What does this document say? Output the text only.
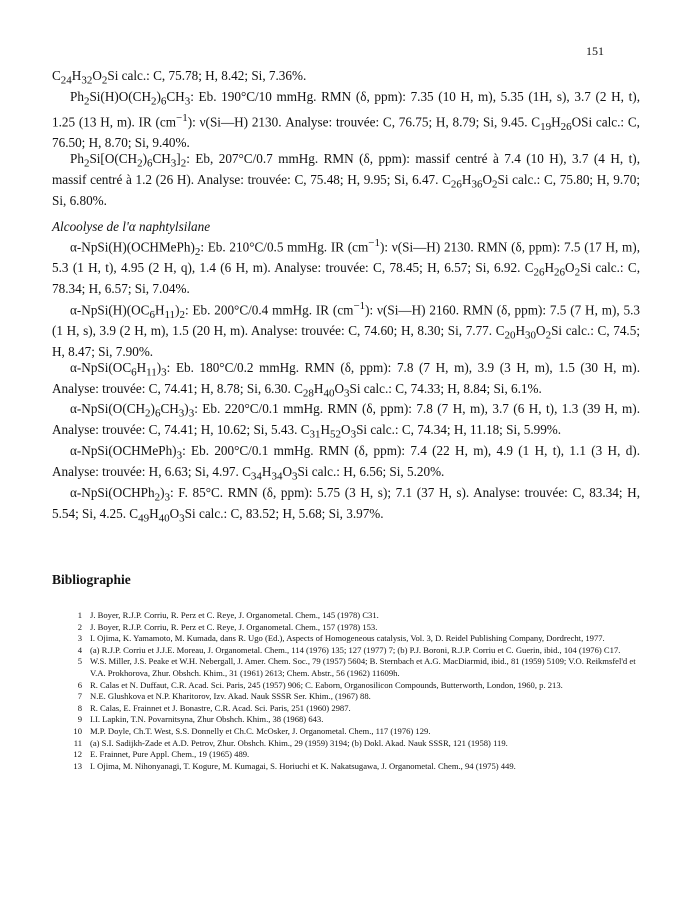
151

$C_{24}H_{32}O_2Si$ calc.: C, 75.78; H, 8.42; Si, 7.36%.

$Ph_2Si(H)O(CH_2)_6CH_3$: Eb. 190°C/10 mmHg. RMN (δ, ppm): 7.35 (10 H, m), 5.35 (1H, s), 3.7 (2 H, t), 1.25 (13 H, m). IR $(cm^{-1})$: ν(Si—H) 2130. Analyse: trouvée: C, 76.75; H, 8.79; Si, 9.45. $C_{19}H_{26}OSi$ calc.: C, 76.50; H, 8.70; Si, 9.40%.

$Ph_2Si[O(CH_2)_6CH_3]_2$: Eb, 207°C/0.7 mmHg. RMN (δ, ppm): massif centré à 7.4 (10 H), 3.7 (4 H, t), massif centré à 1.2 (26 H). Analyse: trouvée: C, 75.48; H, 9.95; Si, 6.47. $C_{26}H_{36}O_2Si$ calc.: C, 75.80; H, 9.70; Si, 6.80%.

Alcoolyse de l'α naphtylsilane

$\alpha-NpSi(H)(OCHMePh)_2$: Eb. 210°C/0.5 mmHg. IR $(cm^{-1})$: ν(Si—H) 2130. RMN (δ, ppm): 7.5 (17 H, m), 5.3 (1 H, t), 4.95 (2 H, q), 1.4 (6 H, m). Analyse: trouvée: C, 78.45; H, 6.57; Si, 6.92. $C_{26}H_{26}O_2Si$ calc.: C, 78.34; H, 6.57; Si, 7.04%.

$\alpha-NpSi(H)(OC_6H_{11})_2$: Eb. 200°C/0.4 mmHg. IR $(cm^{-1})$: ν(Si—H) 2160. RMN (δ, ppm): 7.5 (7 H, m), 5.3 (1 H, s), 3.9 (2 H, m), 1.5 (20 H, m). Analyse: trouvée: C, 74.60; H, 8.30; Si, 7.77. $C_{20}H_{30}O_2Si$ calc.: C, 74.5; H, 8.47; Si, 7.90%.

$\alpha-NpSi(OC_6H_{11})_3$: Eb. 180°C/0.2 mmHg. RMN (δ, ppm): 7.8 (7 H, m), 3.9 (3 H, m), 1.5 (30 H, m). Analyse: trouvée: C, 74.41; H, 8.78; Si, 6.30. $C_{28}H_{40}O_3Si$ calc.: C, 74.33; H, 8.84; Si, 6.1%.

$\alpha-NpSi(O(CH_2)_6CH_3)_3$: Eb. 220°C/0.1 mmHg. RMN (δ, ppm): 7.8 (7 H, m), 3.7 (6 H, t), 1.3 (39 H, m). Analyse: trouvée: C, 74.41; H, 10.62; Si, 5.43. $C_{31}H_{52}O_3Si$ calc.: C, 74.34; H, 11.18; Si, 5.99%.

$\alpha-NpSi(OCHMePh)_3$: Eb. 200°C/0.1 mmHg. RMN (δ, ppm): 7.4 (22 H, m), 4.9 (1 H, t), 1.1 (3 H, d). Analyse: trouvée: H, 6.63; Si, 4.97. $C_{34}H_{34}O_3Si$ calc.: H, 6.56; Si, 5.20%.

$\alpha-NpSi(OCHPh_2)_3$: F. 85°C. RMN (δ, ppm): 5.75 (3 H, s); 7.1 (37 H, s). Analyse: trouvée: C, 83.34; H, 5.54; Si, 4.25. $C_{49}H_{40}O_3Si$ calc.: C, 83.52; H, 5.68; Si, 3.97%.

Bibliographie
1 J. Boyer, R.J.P. Corriu, R. Perz et C. Reye, J. Organometal. Chem., 145 (1978) C31.
2 J. Boyer, R.J.P. Corriu, R. Perz et C. Reye, J. Organometal. Chem., 157 (1978) 153.
3 I. Ojima, K. Yamamoto, M. Kumada, dans R. Ugo (Ed.), Aspects of Homogeneous catalysis, Vol. 3, D. Reidel Publishing Company, Dordrecht, 1977.
4 (a) R.J.P. Corriu et J.J.E. Moreau, J. Organometal. Chem., 114 (1976) 135; 127 (1977) 7; (b) P.J. Boroni, R.J.P. Corriu et C. Guerin, ibid., 104 (1976) C17.
5 W.S. Miller, J.S. Peake et W.H. Nebergall, J. Amer. Chem. Soc., 79 (1957) 5604; B. Sternbach et A.G. MacDiarmid, ibid., 81 (1959) 5109; V.O. Reikmsfel'd et V.A. Prokhorova, Zhur. Obshch. Khim., 31 (1961) 2613; Chem. Abstr., 56 (1962) 11609h.
6 R. Calas et N. Duffaut, C.R. Acad. Sci. Paris, 245 (1957) 906; C. Eaborn, Organosilicon Compounds, Butterworth, London, 1960, p. 213.
7 N.E. Glushkova et N.P. Kharitorov, Izv. Akad. Nauk SSSR Ser. Khim., (1967) 88.
8 R. Calas, E. Frainnet et J. Bonastre, C.R. Acad. Sci. Paris, 251 (1960) 2987.
9 I.I. Lapkin, T.N. Povarnitsyna, Zhur Obshch. Khim., 38 (1968) 643.
10 M.P. Doyle, Ch.T. West, S.S. Donnelly et Ch.C. McOsker, J. Organometal. Chem., 117 (1976) 129.
11 (a) S.I. Sadijkh-Zade et A.D. Petrov, Zhur. Obshch. Khim., 29 (1959) 3194; (b) Dokl. Akad. Nauk SSSR, 121 (1958) 119.
12 E. Frainnet, Pure Appl. Chem., 19 (1965) 489.
13 I. Ojima, M. Nihonyanagi, T. Kogure, M. Kumagai, S. Horiuchi et K. Nakatsugawa, J. Organometal. Chem., 94 (1975) 449.
